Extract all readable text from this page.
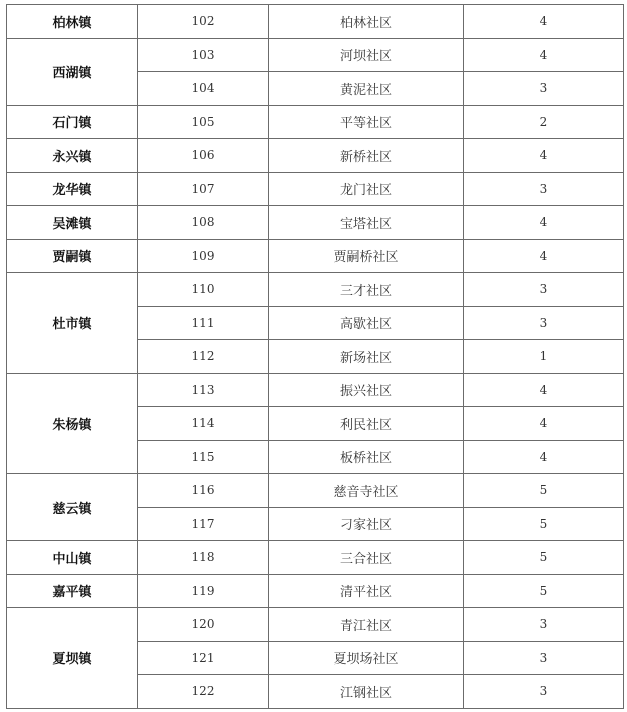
柏林镇	102	柏林社区	4
西湖镇	103	河坝社区	4
	104	黄泥社区	3
石门镇	105	平等社区	2
永兴镇	106	新桥社区	4
龙华镇	107	龙门社区	3
吴滩镇	108	宝塔社区	4
贾嗣镇	109	贾嗣桥社区	4
杜市镇	110	三才社区	3
	111	高歇社区	3
	112	新场社区	1
朱杨镇	113	振兴社区	4
	114	利民社区	4
	115	板桥社区	4
慈云镇	116	慈音寺社区	5
	117	刁家社区	5
中山镇	118	三合社区	5
嘉平镇	119	清平社区	5
夏坝镇	120	青江社区	3
	121	夏坝场社区	3
	122	江钢社区	3
